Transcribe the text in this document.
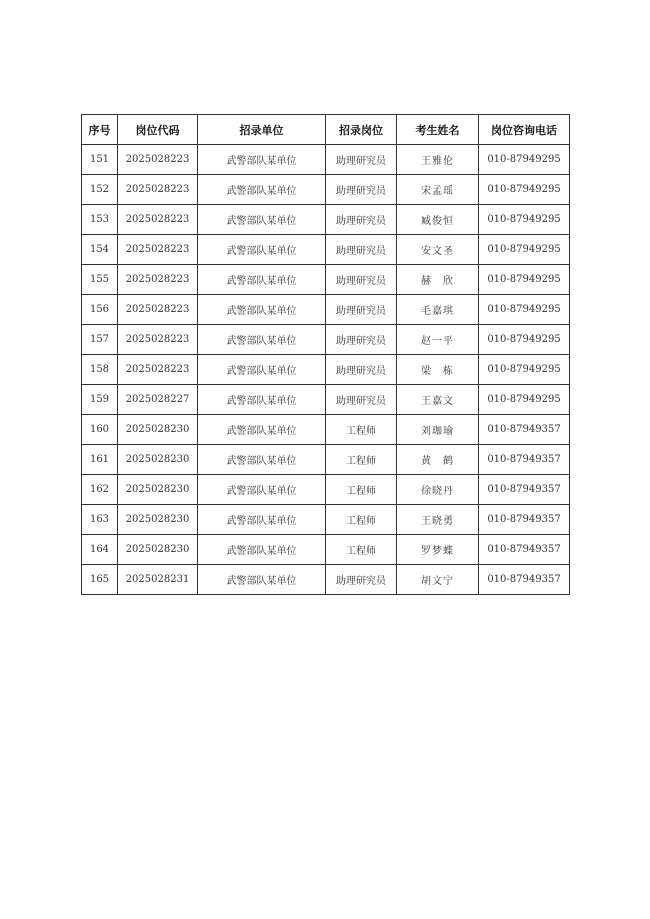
序号	岗位代码	招录单位	招录岗位	考生姓名	岗位咨询电话
151	2025028223	武警部队某单位	助理研究员	王雅伦	010-87949295
152	2025028223	武警部队某单位	助理研究员	宋孟瑶	010-87949295
153	2025028223	武警部队某单位	助理研究员	臧俊恒	010-87949295
154	2025028223	武警部队某单位	助理研究员	安文圣	010-87949295
155	2025028223	武警部队某单位	助理研究员	赫　欣	010-87949295
156	2025028223	武警部队某单位	助理研究员	毛嘉琪	010-87949295
157	2025028223	武警部队某单位	助理研究员	赵一平	010-87949295
158	2025028223	武警部队某单位	助理研究员	梁　栋	010-87949295
159	2025028227	武警部队某单位	助理研究员	王嘉文	010-87949295
160	2025028230	武警部队某单位	工程师	刘珈瑜	010-87949357
161	2025028230	武警部队某单位	工程师	黄　鹤	010-87949357
162	2025028230	武警部队某单位	工程师	徐晓丹	010-87949357
163	2025028230	武警部队某单位	工程师	王晓勇	010-87949357
164	2025028230	武警部队某单位	工程师	罗梦蝶	010-87949357
165	2025028231	武警部队某单位	助理研究员	胡文宁	010-87949357
